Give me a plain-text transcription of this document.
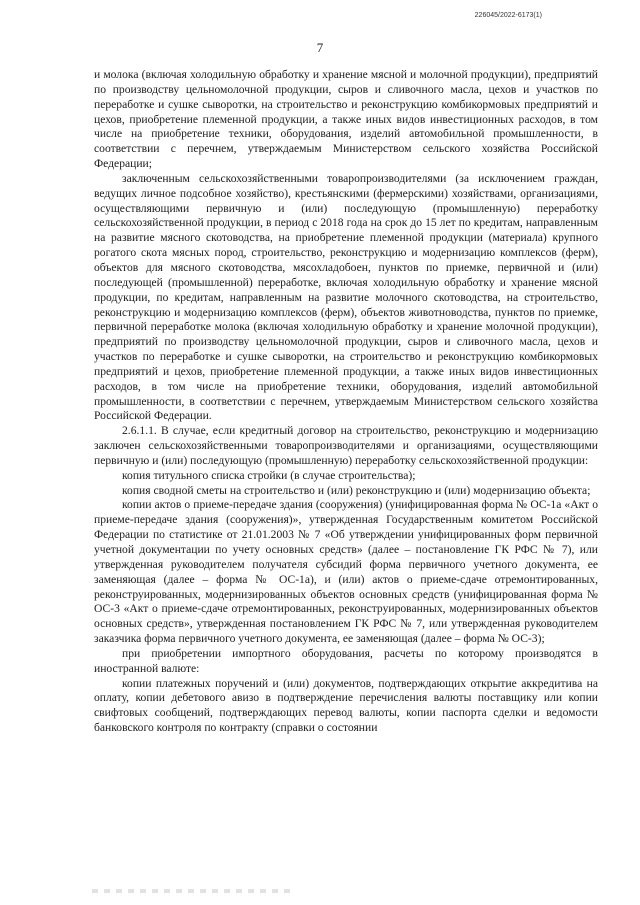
226045/2022-6173(1)
7

и молока (включая холодильную обработку и хранение мясной и молочной продукции), предприятий по производству цельномолочной продукции, сыров и сливочного масла, цехов и участков по переработке и сушке сыворотки, на строительство и реконструкцию комбикормовых предприятий и цехов, приобретение племенной продукции, а также иных видов инвестиционных расходов, в том числе на приобретение техники, оборудования, изделий автомобильной промышленности, в соответствии с перечнем, утверждаемым Министерством сельского хозяйства Российской Федерации;

заключенным сельскохозяйственными товаропроизводителями (за исключением граждан, ведущих личное подсобное хозяйство), крестьянскими (фермерскими) хозяйствами, организациями, осуществляющими первичную и (или) последующую (промышленную) переработку сельскохозяйственной продукции, в период с 2018 года на срок до 15 лет по кредитам, направленным на развитие мясного скотоводства, на приобретение племенной продукции (материала) крупного рогатого скота мясных пород, строительство, реконструкцию и модернизацию комплексов (ферм), объектов для мясного скотоводства, мясохладобоен, пунктов по приемке, первичной и (или) последующей (промышленной) переработке, включая холодильную обработку и хранение мясной продукции, по кредитам, направленным на развитие молочного скотоводства, на строительство, реконструкцию и модернизацию комплексов (ферм), объектов животноводства, пунктов по приемке, первичной переработке молока (включая холодильную обработку и хранение молочной продукции), предприятий по производству цельномолочной продукции, сыров и сливочного масла, цехов и участков по переработке и сушке сыворотки, на строительство и реконструкцию комбикормовых предприятий и цехов, приобретение племенной продукции, а также иных видов инвестиционных расходов, в том числе на приобретение техники, оборудования, изделий автомобильной промышленности, в соответствии с перечнем, утверждаемым Министерством сельского хозяйства Российской Федерации.

2.6.1.1. В случае, если кредитный договор на строительство, реконструкцию и модернизацию заключен сельскохозяйственными товаропроизводителями и организациями, осуществляющими первичную и (или) последующую (промышленную) переработку сельскохозяйственной продукции:

копия титульного списка стройки (в случае строительства);

копия сводной сметы на строительство и (или) реконструкцию и (или) модернизацию объекта;

копии актов о приеме-передаче здания (сооружения) (унифицированная форма № ОС-1а «Акт о приеме-передаче здания (сооружения)», утвержденная Государственным комитетом Российской Федерации по статистике от 21.01.2003 № 7 «Об утверждении унифицированных форм первичной учетной документации по учету основных средств» (далее – постановление ГК РФС № 7), или утвержденная руководителем получателя субсидий форма первичного учетного документа, ее заменяющая (далее – форма № ОС-1а), и (или) актов о приеме-сдаче отремонтированных, реконструированных, модернизированных объектов основных средств (унифицированная форма № ОС-3 «Акт о приеме-сдаче отремонтированных, реконструированных, модернизированных объектов основных средств», утвержденная постановлением ГК РФС № 7, или утвержденная руководителем заказчика форма первичного учетного документа, ее заменяющая (далее – форма № ОС-3);

при приобретении импортного оборудования, расчеты по которому производятся в иностранной валюте:

копии платежных поручений и (или) документов, подтверждающих открытие аккредитива на оплату, копии дебетового авизо в подтверждение перечисления валюты поставщику или копии свифтовых сообщений, подтверждающих перевод валюты, копии паспорта сделки и ведомости банковского контроля по контракту (справки о состоянии
